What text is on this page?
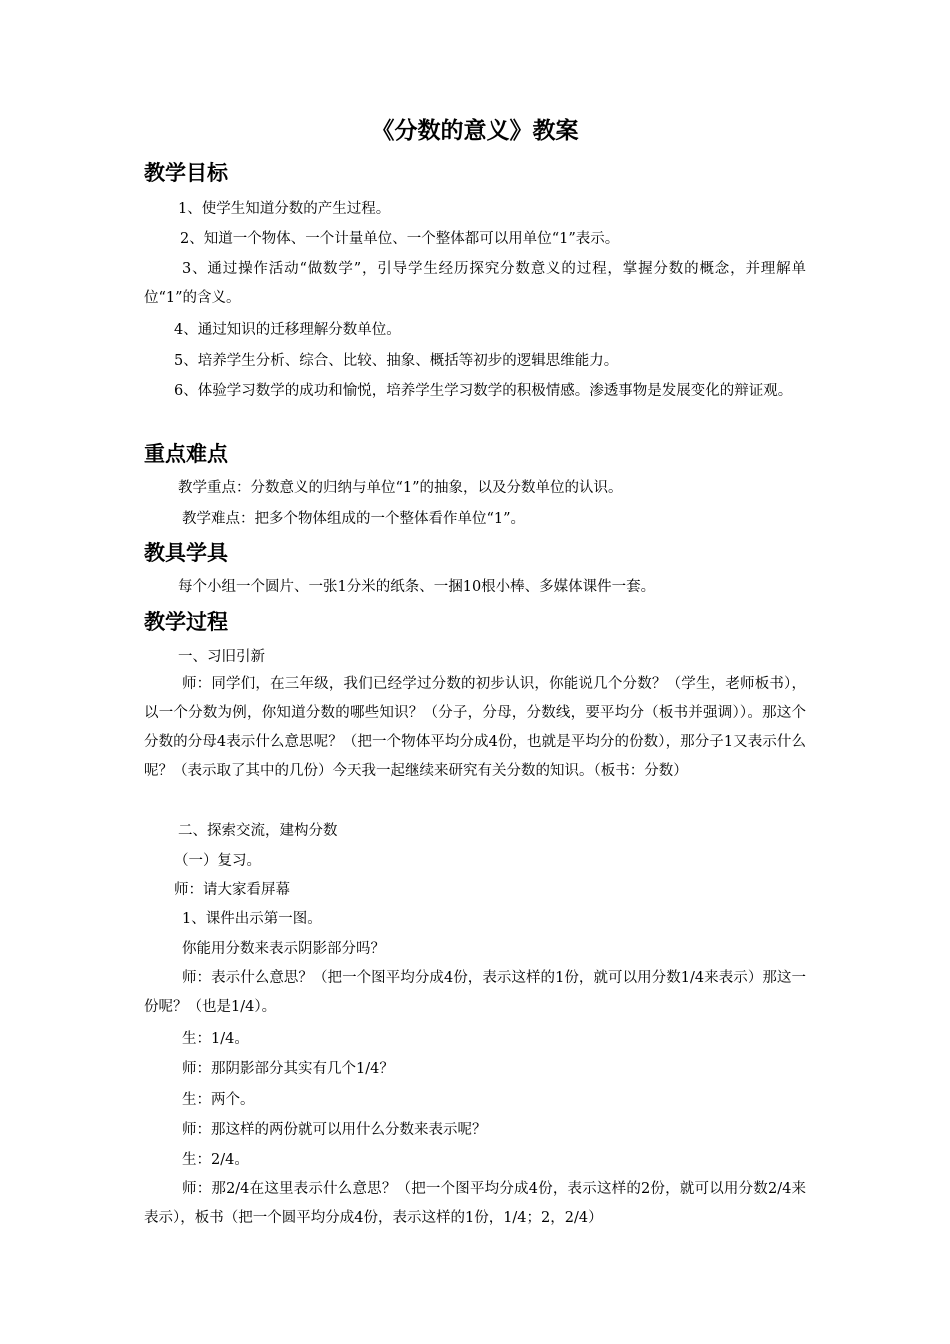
《分数的意义》教案
教学目标

1、使学生知道分数的产生过程。

2、知道一个物体、一个计量单位、一个整体都可以用单位“1”表示。

3、通过操作活动“做数学”，引导学生经历探究分数意义的过程，掌握分数的概念，并理解单位“1”的含义。

4、通过知识的迁移理解分数单位。

5、培养学生分析、综合、比较、抽象、概括等初步的逻辑思维能力。

6、体验学习数学的成功和愉悦，培养学生学习数学的积极情感。渗透事物是发展变化的辩证观。

重点难点

教学重点：分数意义的归纳与单位“1”的抽象，以及分数单位的认识。

教学难点：把多个物体组成的一个整体看作单位“1”。

教具学具

每个小组一个圆片、一张1分米的纸条、一捆10根小棒、多媒体课件一套。

教学过程

一、习旧引新

师：同学们，在三年级，我们已经学过分数的初步认识，你能说几个分数？（学生，老师板书），以一个分数为例，你知道分数的哪些知识？（分子，分母，分数线，要平均分（板书并强调））。那这个分数的分母4表示什么意思呢？（把一个物体平均分成4份，也就是平均分的份数），那分子1又表示什么呢？（表示取了其中的几份）今天我一起继续来研究有关分数的知识。（板书：分数）

二、探索交流，建构分数

（一）复习。

师：请大家看屏幕

1、课件出示第一图。

你能用分数来表示阴影部分吗？

师：表示什么意思？（把一个图平均分成4份，表示这样的1份，就可以用分数1/4来表示）那这一份呢？（也是1/4）。

生：1/4。

师：那阴影部分其实有几个1/4？

生：两个。

师：那这样的两份就可以用什么分数来表示呢？

生：2/4。

师：那2/4在这里表示什么意思？（把一个图平均分成4份，表示这样的2份，就可以用分数2/4来表示），板书（把一个圆平均分成4份，表示这样的1份，1/4；2，2/4）
